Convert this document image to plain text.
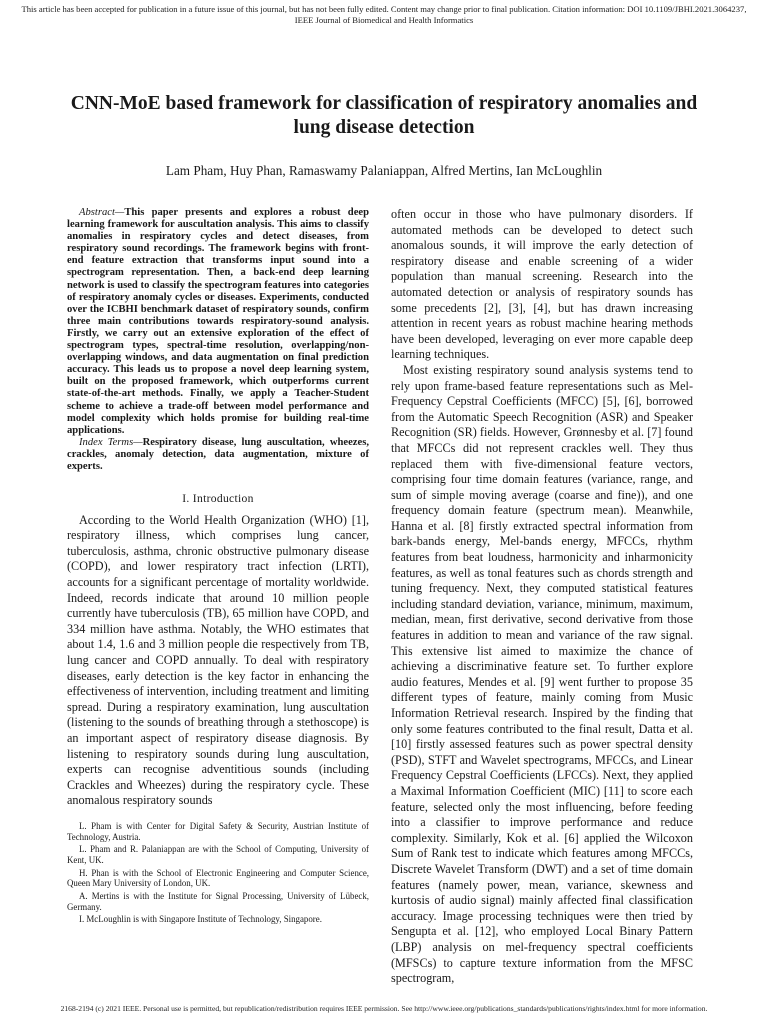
This article has been accepted for publication in a future issue of this journal, but has not been fully edited. Content may change prior to final publication. Citation information: DOI 10.1109/JBHI.2021.3064237, IEEE Journal of Biomedical and Health Informatics
CNN-MoE based framework for classification of respiratory anomalies and lung disease detection
Lam Pham, Huy Phan, Ramaswamy Palaniappan, Alfred Mertins, Ian McLoughlin

Abstract—This paper presents and explores a robust deep learning framework for auscultation analysis. This aims to classify anomalies in respiratory cycles and detect diseases, from respiratory sound recordings. The framework begins with front-end feature extraction that transforms input sound into a spectrogram representation. Then, a back-end deep learning network is used to classify the spectrogram features into categories of respiratory anomaly cycles or diseases. Experiments, conducted over the ICBHI benchmark dataset of respiratory sounds, confirm three main contributions towards respiratory-sound analysis. Firstly, we carry out an extensive exploration of the effect of spectrogram types, spectral-time resolution, overlapping/non-overlapping windows, and data augmentation on final prediction accuracy. This leads us to propose a novel deep learning system, built on the proposed framework, which outperforms current state-of-the-art methods. Finally, we apply a Teacher-Student scheme to achieve a trade-off between model performance and model complexity which holds promise for building real-time applications.

Index Terms—Respiratory disease, lung auscultation, wheezes, crackles, anomaly detection, data augmentation, mixture of experts.

I. Introduction

According to the World Health Organization (WHO) [1], respiratory illness, which comprises lung cancer, tuberculosis, asthma, chronic obstructive pulmonary disease (COPD), and lower respiratory tract infection (LRTI), accounts for a significant percentage of mortality worldwide. Indeed, records indicate that around 10 million people currently have tuberculosis (TB), 65 million have COPD, and 334 million have asthma. Notably, the WHO estimates that about 1.4, 1.6 and 3 million people die respectively from TB, lung cancer and COPD annually. To deal with respiratory diseases, early detection is the key factor in enhancing the effectiveness of intervention, including treatment and limiting spread. During a respiratory examination, lung auscultation (listening to the sounds of breathing through a stethoscope) is an important aspect of respiratory disease diagnosis. By listening to respiratory sounds during lung auscultation, experts can recognise adventitious sounds (including Crackles and Wheezes) during the respiratory cycle. These anomalous respiratory sounds

L. Pham is with Center for Digital Safety & Security, Austrian Institute of Technology, Austria.

L. Pham and R. Palaniappan are with the School of Computing, University of Kent, UK.

H. Phan is with the School of Electronic Engineering and Computer Science, Queen Mary University of London, UK.

A. Mertins is with the Institute for Signal Processing, University of Lübeck, Germany.

I. McLoughlin is with Singapore Institute of Technology, Singapore.

often occur in those who have pulmonary disorders. If automated methods can be developed to detect such anomalous sounds, it will improve the early detection of respiratory disease and enable screening of a wider population than manual screening. Research into the automated detection or analysis of respiratory sounds has some precedents [2], [3], [4], but has drawn increasing attention in recent years as robust machine hearing methods have been developed, leveraging on ever more capable deep learning techniques.

Most existing respiratory sound analysis systems tend to rely upon frame-based feature representations such as Mel-Frequency Cepstral Coefficients (MFCC) [5], [6], borrowed from the Automatic Speech Recognition (ASR) and Speaker Recognition (SR) fields. However, Grønnesby et al. [7] found that MFCCs did not represent crackles well. They thus replaced them with five-dimensional feature vectors, comprising four time domain features (variance, range, and sum of simple moving average (coarse and fine)), and one frequency domain feature (spectrum mean). Meanwhile, Hanna et al. [8] firstly extracted spectral information from bark-bands energy, Mel-bands energy, MFCCs, rhythm features from beat loudness, harmonicity and inharmonicity features, as well as tonal features such as chords strength and tuning frequency. Next, they computed statistical features including standard deviation, variance, minimum, maximum, median, mean, first derivative, second derivative from those features in addition to mean and variance of the raw signal. This extensive list aimed to maximize the chance of achieving a discriminative feature set. To further explore audio features, Mendes et al. [9] went further to propose 35 different types of feature, mainly coming from Music Information Retrieval research. Inspired by the finding that only some features contributed to the final result, Datta et al. [10] firstly assessed features such as power spectral density (PSD), STFT and Wavelet spectrograms, MFCCs, and Linear Frequency Cepstral Coefficients (LFCCs). Next, they applied a Maximal Information Coefficient (MIC) [11] to score each feature, selected only the most influencing, before feeding into a classifier to improve performance and reduce complexity. Similarly, Kok et al. [6] applied the Wilcoxon Sum of Rank test to indicate which features among MFCCs, Discrete Wavelet Transform (DWT) and a set of time domain features (namely power, mean, variance, skewness and kurtosis of audio signal) mainly affected final classification accuracy. Image processing techniques were then tried by Sengupta et al. [12], who employed Local Binary Pattern (LBP) analysis on mel-frequency spectral coefficients (MFSCs) to capture texture information from the MFSC spectrogram,

2168-2194 (c) 2021 IEEE. Personal use is permitted, but republication/redistribution requires IEEE permission. See http://www.ieee.org/publications_standards/publications/rights/index.html for more information.
